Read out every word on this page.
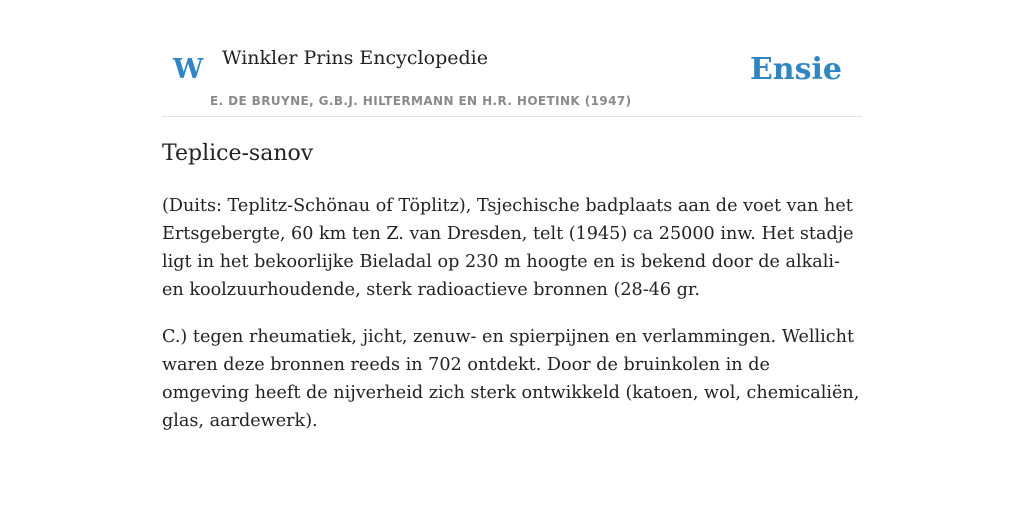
W Winkler Prins Encyclopedie
E. DE BRUYNE, G.B.J. HILTERMANN EN H.R. HOETINK (1947)
Ensie
Teplice-sanov

(Duits: Teplitz-Schönau of Töplitz), Tsjechische badplaats aan de voet van het Ertsgebergte, 60 km ten Z. van Dresden, telt (1945) ca 25000 inw. Het stadje ligt in het bekoorlijke Bieladal op 230 m hoogte en is bekend door de alkali- en koolzuurhoudende, sterk radioactieve bronnen (28-46 gr.

C.) tegen rheumatiek, jicht, zenuw- en spierpijnen en verlammingen. Wellicht waren deze bronnen reeds in 702 ontdekt. Door de bruinkolen in de omgeving heeft de nijverheid zich sterk ontwikkeld (katoen, wol, chemicaliën, glas, aardewerk).
